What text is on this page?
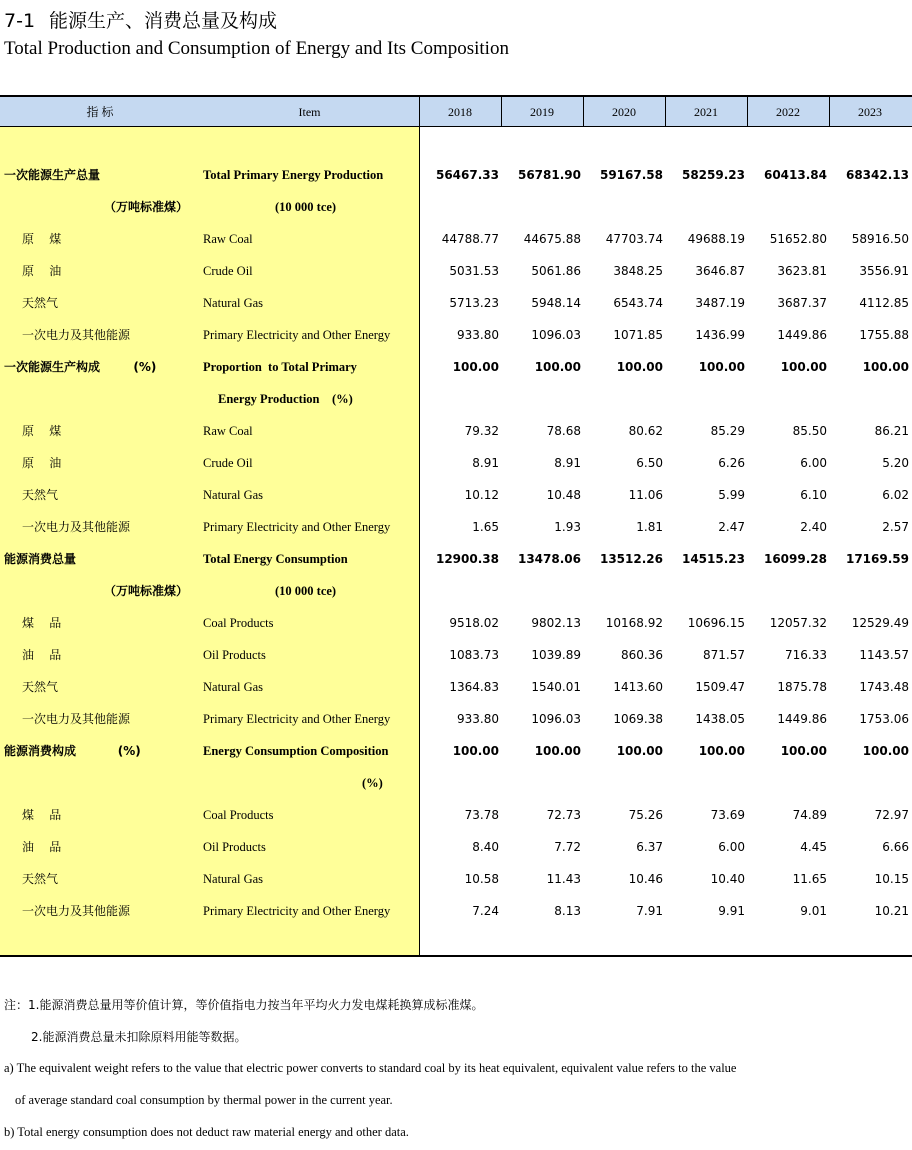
7-1 能源生产、消费总量及构成
Total Production and Consumption of Energy and Its Composition
指 标	Item	2018	2019	2020	2021	2022	2023
一次能源生产总量	Total Primary Energy Production	56467.33	56781.90	59167.58	58259.23	60413.84	68342.13
（万吨标准煤）	(10 000 tce)
原    煤	Raw Coal	44788.77	44675.88	47703.74	49688.19	51652.80	58916.50
原    油	Crude Oil	5031.53	5061.86	3848.25	3646.87	3623.81	3556.91
天然气	Natural Gas	5713.23	5948.14	6543.74	3487.19	3687.37	4112.85
一次电力及其他能源	Primary Electricity and Other Energy	933.80	1096.03	1071.85	1436.99	1449.86	1755.88
一次能源生产构成        (%)	Proportion  to Total Primary	100.00	100.00	100.00	100.00	100.00	100.00
Energy Production    (%)
原    煤	Raw Coal	79.32	78.68	80.62	85.29	85.50	86.21
原    油	Crude Oil	8.91	8.91	6.50	6.26	6.00	5.20
天然气	Natural Gas	10.12	10.48	11.06	5.99	6.10	6.02
一次电力及其他能源	Primary Electricity and Other Energy	1.65	1.93	1.81	2.47	2.40	2.57
能源消费总量	Total Energy Consumption	12900.38	13478.06	13512.26	14515.23	16099.28	17169.59
（万吨标准煤）	(10 000 tce)
煤    品	Coal Products	9518.02	9802.13	10168.92	10696.15	12057.32	12529.49
油    品	Oil Products	1083.73	1039.89	860.36	871.57	716.33	1143.57
天然气	Natural Gas	1364.83	1540.01	1413.60	1509.47	1875.78	1743.48
一次电力及其他能源	Primary Electricity and Other Energy	933.80	1096.03	1069.38	1438.05	1449.86	1753.06
能源消费构成          (%)	Energy Consumption Composition	100.00	100.00	100.00	100.00	100.00	100.00
(%)
煤    品	Coal Products	73.78	72.73	75.26	73.69	74.89	72.97
油    品	Oil Products	8.40	7.72	6.37	6.00	4.45	6.66
天然气	Natural Gas	10.58	11.43	10.46	10.40	11.65	10.15
一次电力及其他能源	Primary Electricity and Other Energy	7.24	8.13	7.91	9.91	9.01	10.21
注：1.能源消费总量用等价值计算，等价值指电力按当年平均火力发电煤耗换算成标准煤。
2.能源消费总量未扣除原料用能等数据。
a) The equivalent weight refers to the value that electric power converts to standard coal by its heat equivalent, equivalent value refers to the value
of average standard coal consumption by thermal power in the current year.
b) Total energy consumption does not deduct raw material energy and other data.
